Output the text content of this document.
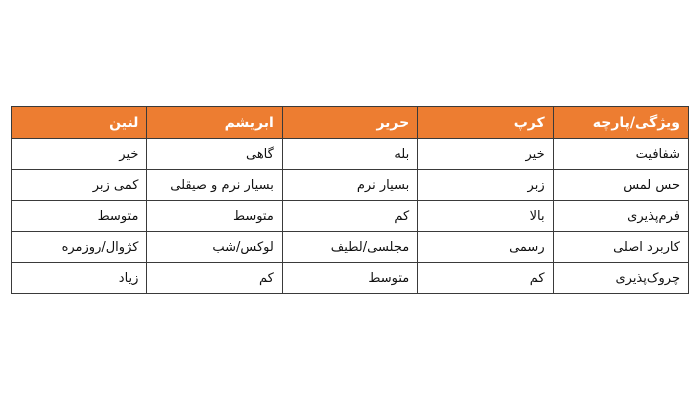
ویژگی/پارچه	کرپ	حریر	ابریشم	لنین
شفافیت	خیر	بله	گاهی	خیر
حس لمس	زبر	بسیار نرم	بسیار نرم و صیقلی	کمی زبر
فرم‌پذیری	بالا	کم	متوسط	متوسط
کاربرد اصلی	رسمی	مجلسی/لطیف	لوکس/شب	کژوال/روزمره
چروک‌پذیری	کم	متوسط	کم	زیاد
